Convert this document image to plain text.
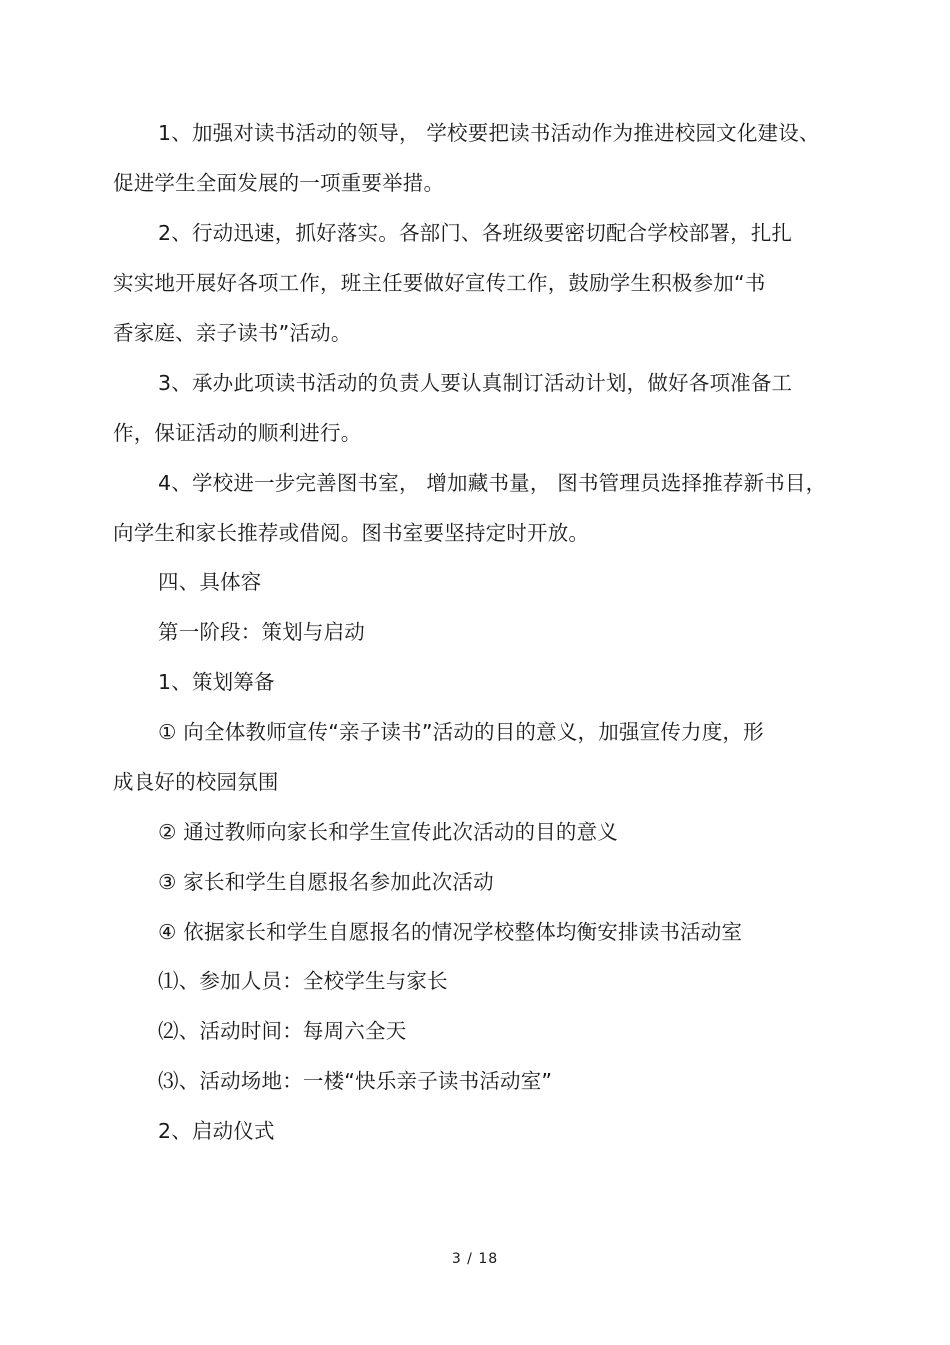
1、加强对读书活动的领导， 学校要把读书活动作为推进校园文化建设、
促进学生全面发展的一项重要举措。
2、行动迅速，抓好落实。各部门、各班级要密切配合学校部署，扎扎
实实地开展好各项工作，班主任要做好宣传工作，鼓励学生积极参加“书
香家庭、亲子读书”活动。
3、承办此项读书活动的负责人要认真制订活动计划，做好各项准备工
作，保证活动的顺利进行。
4、学校进一步完善图书室， 增加藏书量， 图书管理员选择推荐新书目，
向学生和家长推荐或借阅。图书室要坚持定时开放。
四、具体容
第一阶段：策划与启动
1、策划筹备
① 向全体教师宣传“亲子读书”活动的目的意义，加强宣传力度，形
成良好的校园氛围
② 通过教师向家长和学生宣传此次活动的目的意义
③ 家长和学生自愿报名参加此次活动
④ 依据家长和学生自愿报名的情况学校整体均衡安排读书活动室
⑴、参加人员：全校学生与家长
⑵、活动时间：每周六全天
⑶、活动场地：一楼“快乐亲子读书活动室”
2、启动仪式
3 / 18
